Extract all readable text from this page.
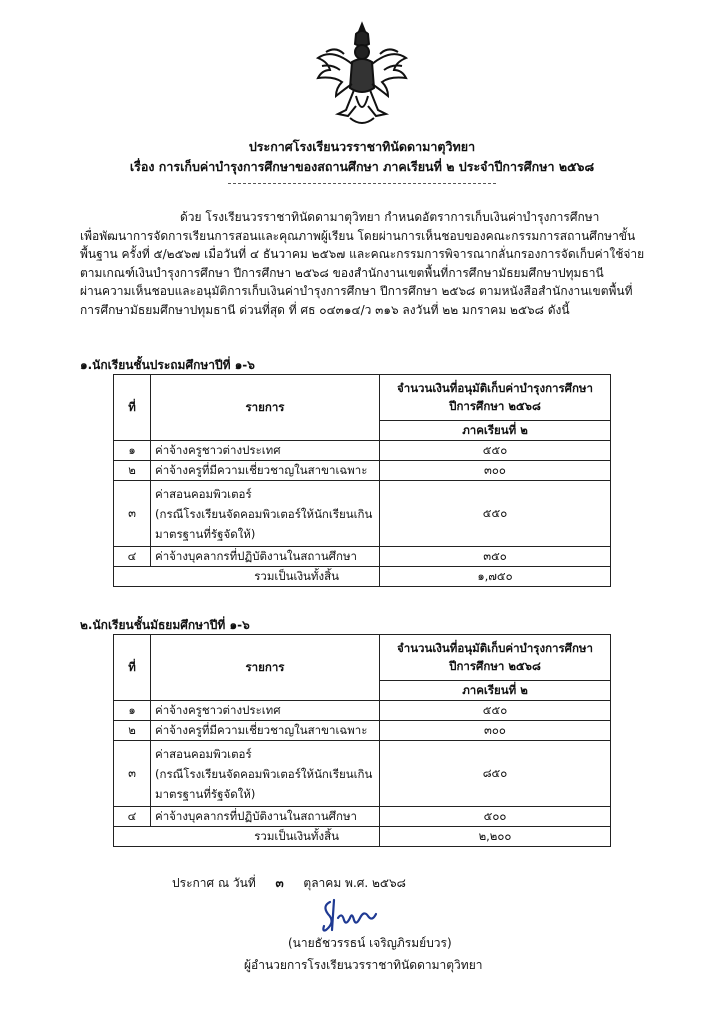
ประกาศโรงเรียนวรราชาทินัดดามาตุวิทยา
เรื่อง การเก็บค่าบำรุงการศึกษาของสถานศึกษา ภาคเรียนที่ ๒ ประจำปีการศึกษา ๒๕๖๘
ด้วย โรงเรียนวรราชาทินัดดามาตุวิทยา กำหนดอัตราการเก็บเงินค่าบำรุงการศึกษา
เพื่อพัฒนาการจัดการเรียนการสอนและคุณภาพผู้เรียน โดยผ่านการเห็นชอบของคณะกรรมการสถานศึกษาขั้น
พื้นฐาน ครั้งที่ ๕/๒๕๖๗ เมื่อวันที่ ๔ ธันวาคม ๒๕๖๗ และคณะกรรมการพิจารณากลั่นกรองการจัดเก็บค่าใช้จ่าย
ตามเกณฑ์เงินบำรุงการศึกษา ปีการศึกษา ๒๕๖๘ ของสำนักงานเขตพื้นที่การศึกษามัธยมศึกษาปทุมธานี
ผ่านความเห็นชอบและอนุมัติการเก็บเงินค่าบำรุงการศึกษา ปีการศึกษา ๒๕๖๘ ตามหนังสือสำนักงานเขตพื้นที่
การศึกษามัธยมศึกษาปทุมธานี ด่วนที่สุด ที่ ศธ ๐๔๓๑๔/ว ๓๑๖ ลงวันที่ ๒๒ มกราคม ๒๕๖๘ ดังนี้
๑.นักเรียนชั้นประถมศึกษาปีที่ ๑-๖
ที่	รายการ	จำนวนเงินที่อนุมัติเก็บค่าบำรุงการศึกษา
ปีการศึกษา ๒๕๖๘

		ภาคเรียนที่ ๒
๑	ค่าจ้างครูชาวต่างประเทศ	๕๕๐
๒	ค่าจ้างครูที่มีความเชี่ยวชาญในสาขาเฉพาะ	๓๐๐
๓	ค่าสอนคอมพิวเตอร์
(กรณีโรงเรียนจัดคอมพิวเตอร์ให้นักเรียนเกิน
มาตรฐานที่รัฐจัดให้)	๕๕๐
๔	ค่าจ้างบุคลากรที่ปฏิบัติงานในสถานศึกษา	๓๕๐
	รวมเป็นเงินทั้งสิ้น	๑,๗๕๐
๒.นักเรียนชั้นมัธยมศึกษาปีที่ ๑-๖
ที่	รายการ	จำนวนเงินที่อนุมัติเก็บค่าบำรุงการศึกษา
ปีการศึกษา ๒๕๖๘

		ภาคเรียนที่ ๒
๑	ค่าจ้างครูชาวต่างประเทศ	๕๕๐
๒	ค่าจ้างครูที่มีความเชี่ยวชาญในสาขาเฉพาะ	๓๐๐
๓	ค่าสอนคอมพิวเตอร์
(กรณีโรงเรียนจัดคอมพิวเตอร์ให้นักเรียนเกิน
มาตรฐานที่รัฐจัดให้)	๘๕๐
๔	ค่าจ้างบุคลากรที่ปฏิบัติงานในสถานศึกษา	๕๐๐
	รวมเป็นเงินทั้งสิ้น	๒,๒๐๐
ประกาศ ณ วันที่ ๓ ตุลาคม พ.ศ. ๒๕๖๘
(นายธัชวรรธน์ เจริญภิรมย์บวร)
ผู้อำนวยการโรงเรียนวรราชาทินัดดามาตุวิทยา
